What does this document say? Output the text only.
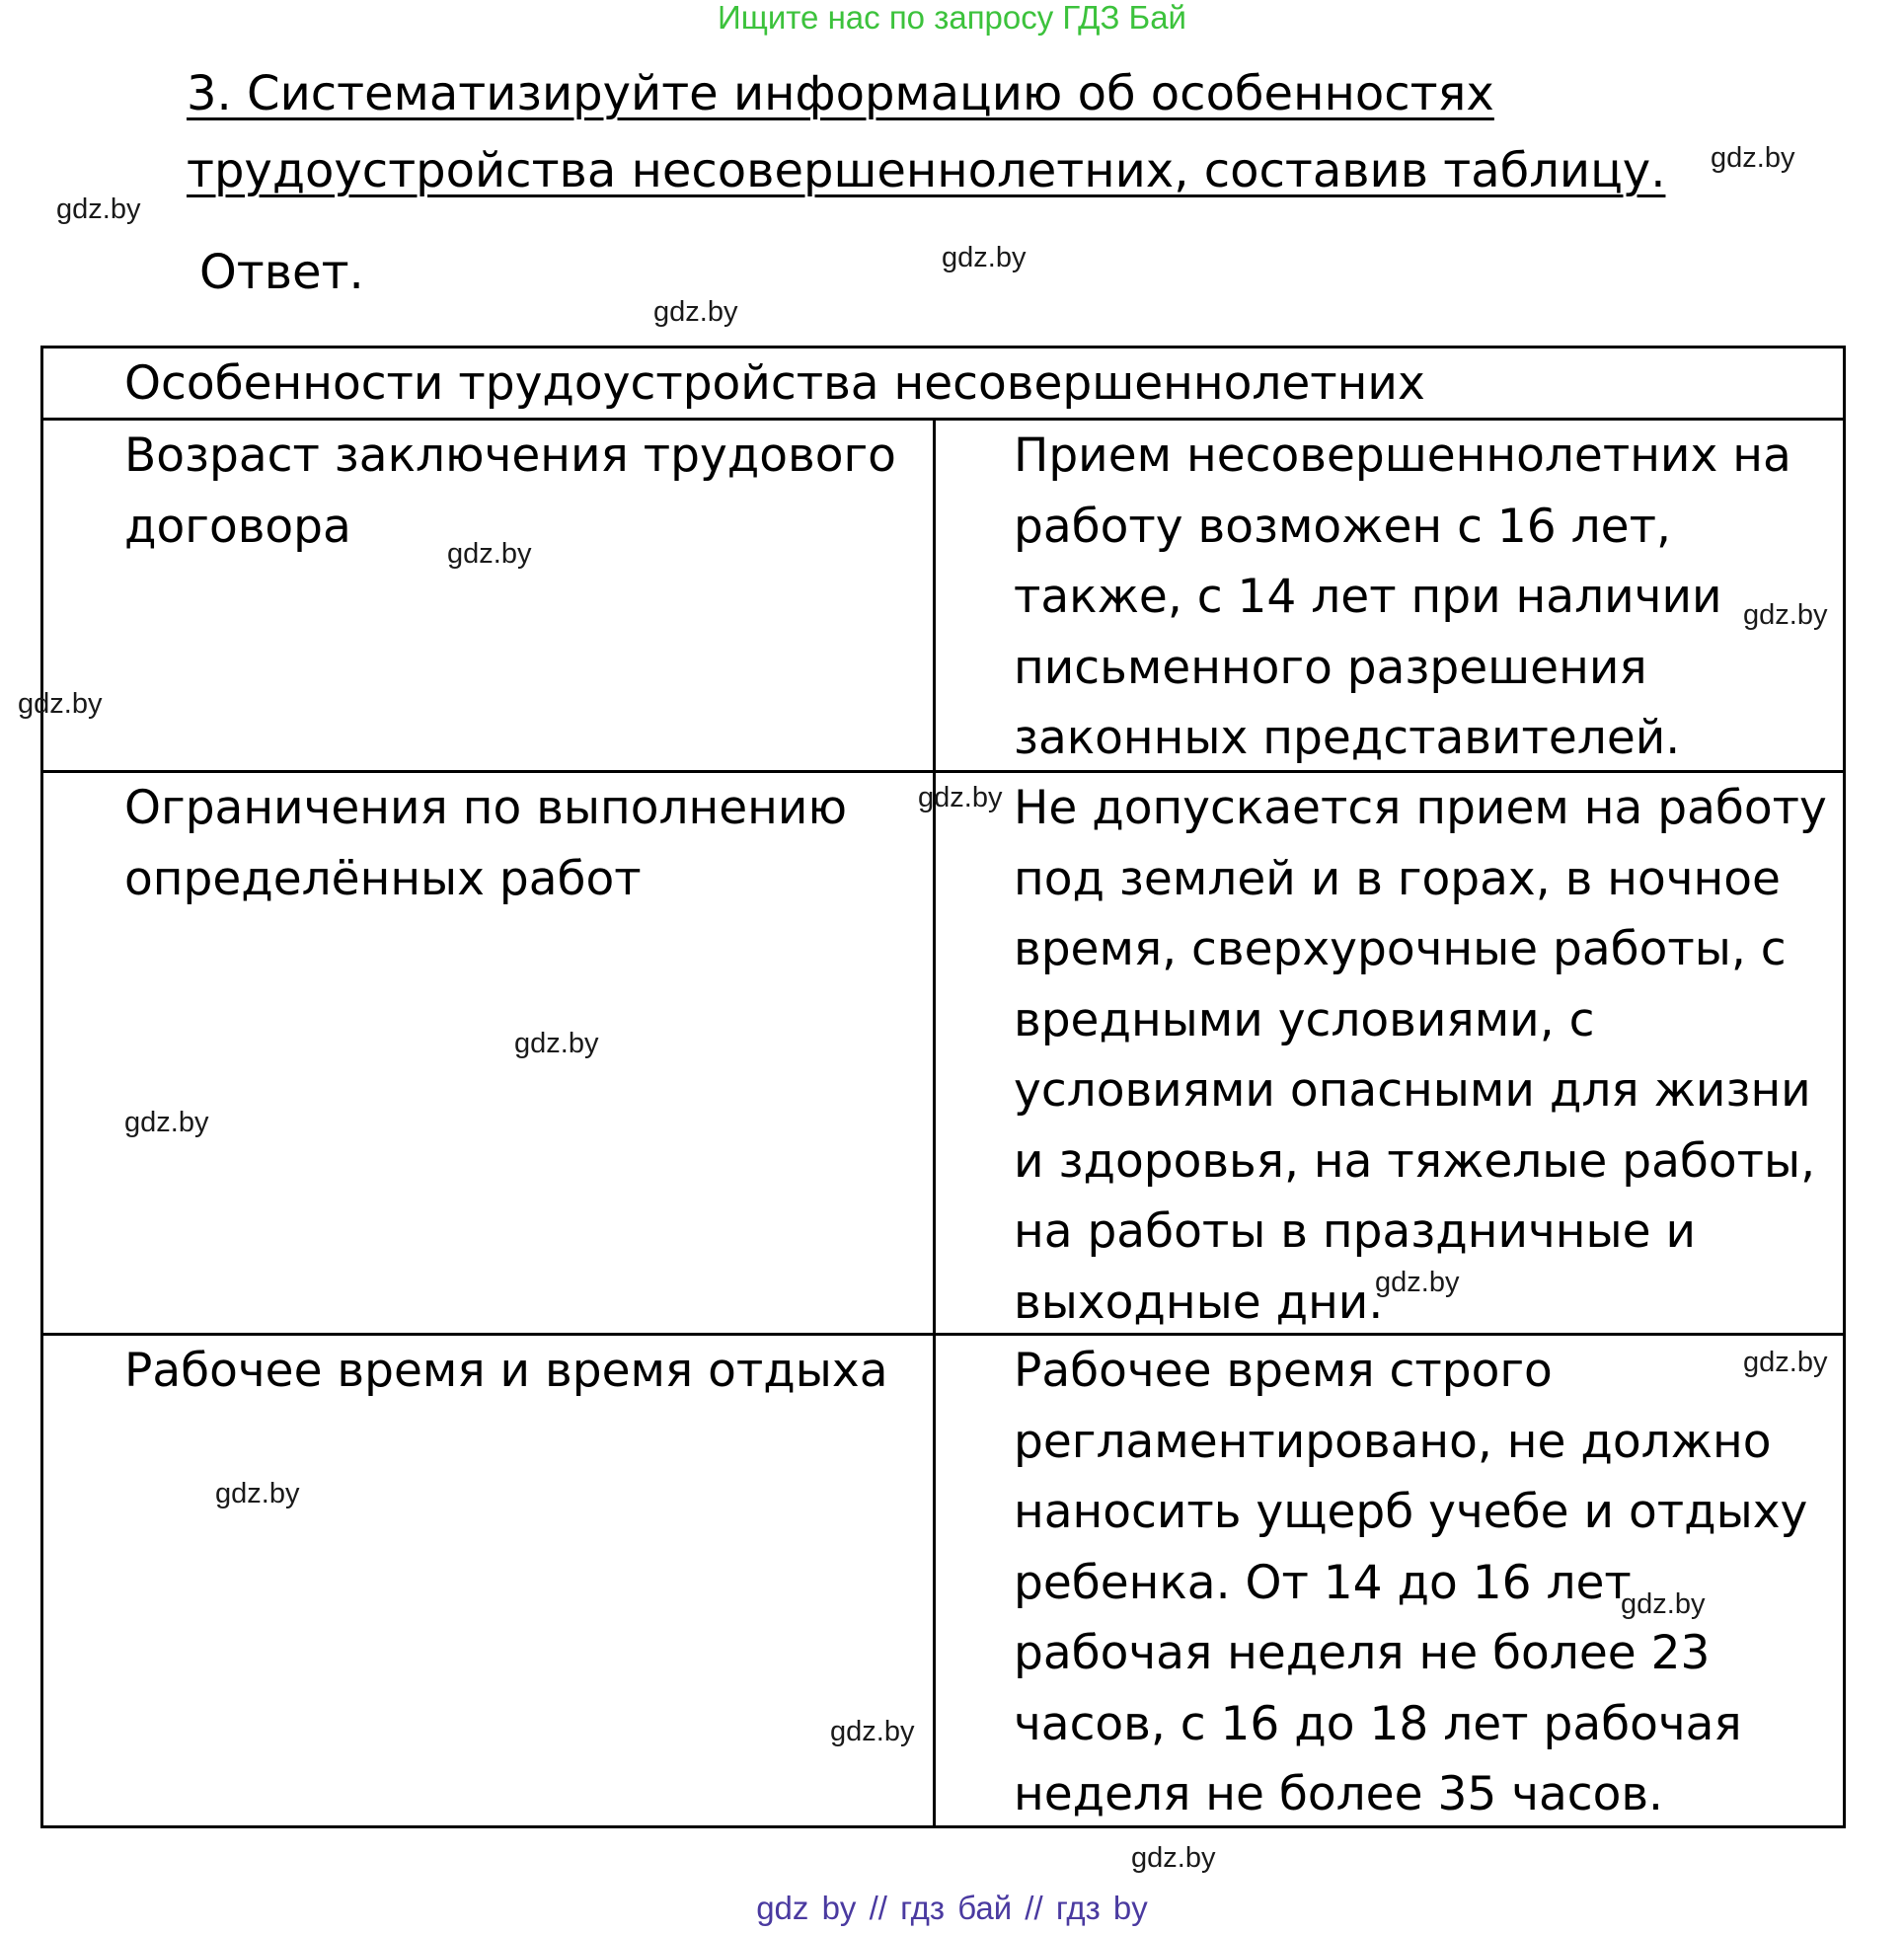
Ищите нас по запросу ГДЗ Бай
3. Систематизируйте информацию об особенностях
трудоустройства несовершеннолетних, составив таблицу.

Ответ.

Особенности трудоустройства несовершеннолетних

Возраст заключения трудового
договора

Прием несовершеннолетних на
работу возможен с 16 лет,
также, с 14 лет при наличии
письменного разрешения
законных представителей.

Ограничения по выполнению
определённых работ

Не допускается прием на работу
под землей и в горах, в ночное
время, сверхурочные работы, с
вредными условиями, с
условиями опасными для жизни
и здоровья, на тяжелые работы,
на работы в праздничные и
выходные дни.

Рабочее время и время отдыха	Рабочее время строго
регламентировано, не должно
наносить ущерб учебе и отдыху
ребенка. От 14 до 16 лет
рабочая неделя не более 23
часов, с 16 до 18 лет рабочая
неделя не более 35 часов.

gdz.by
gdz.by
gdz.by
gdz.by
gdz.by
gdz.by
gdz.by
gdz.by
gdz.by
gdz.by
gdz.by
gdz.by
gdz.by
gdz.by
gdz.by
gdz.by
gdz by // гдз бай // гдз by
